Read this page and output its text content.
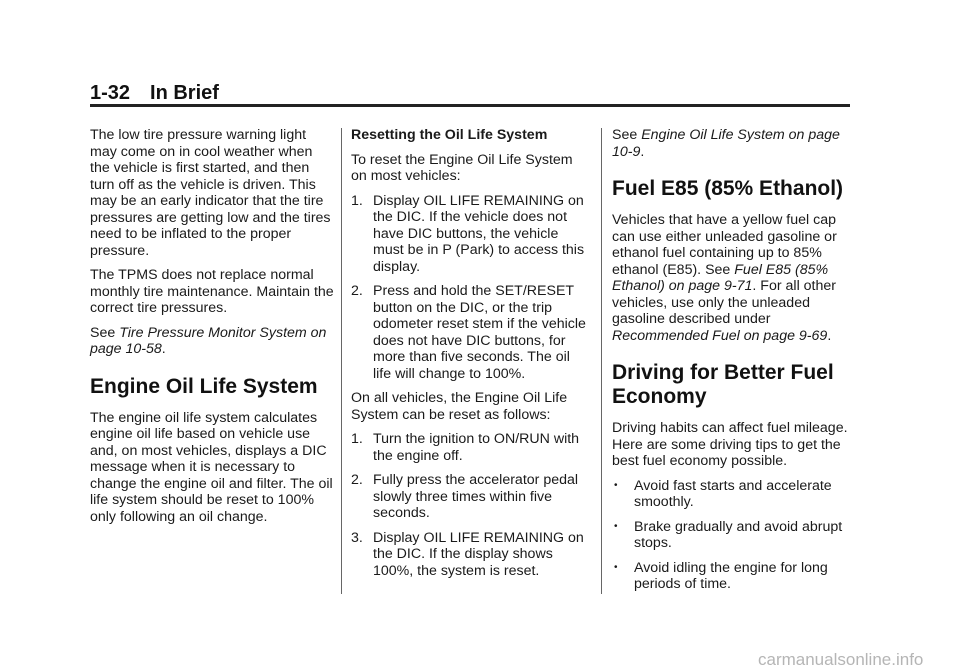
1-32 In Brief

The low tire pressure warning light may come on in cool weather when the vehicle is first started, and then turn off as the vehicle is driven. This may be an early indicator that the tire pressures are getting low and the tires need to be inflated to the proper pressure.

The TPMS does not replace normal monthly tire maintenance. Maintain the correct tire pressures.

See Tire Pressure Monitor System on page 10-58.

Engine Oil Life System

The engine oil life system calculates engine oil life based on vehicle use and, on most vehicles, displays a DIC message when it is necessary to change the engine oil and filter. The oil life system should be reset to 100% only following an oil change.

Resetting the Oil Life System

To reset the Engine Oil Life System on most vehicles:

1. Display OIL LIFE REMAINING on the DIC. If the vehicle does not have DIC buttons, the vehicle must be in P (Park) to access this display.
2. Press and hold the SET/RESET button on the DIC, or the trip odometer reset stem if the vehicle does not have DIC buttons, for more than five seconds. The oil life will change to 100%.

On all vehicles, the Engine Oil Life System can be reset as follows:

1. Turn the ignition to ON/RUN with the engine off.
2. Fully press the accelerator pedal slowly three times within five seconds.
3. Display OIL LIFE REMAINING on the DIC. If the display shows 100%, the system is reset.

See Engine Oil Life System on page 10-9.

Fuel E85 (85% Ethanol)

Vehicles that have a yellow fuel cap can use either unleaded gasoline or ethanol fuel containing up to 85% ethanol (E85). See Fuel E85 (85% Ethanol) on page 9-71. For all other vehicles, use only the unleaded gasoline described under Recommended Fuel on page 9-69.

Driving for Better Fuel Economy

Driving habits can affect fuel mileage. Here are some driving tips to get the best fuel economy possible.

•	Avoid fast starts and accelerate smoothly.
•	Brake gradually and avoid abrupt stops.
•	Avoid idling the engine for long periods of time.
carmanualsonline.info
